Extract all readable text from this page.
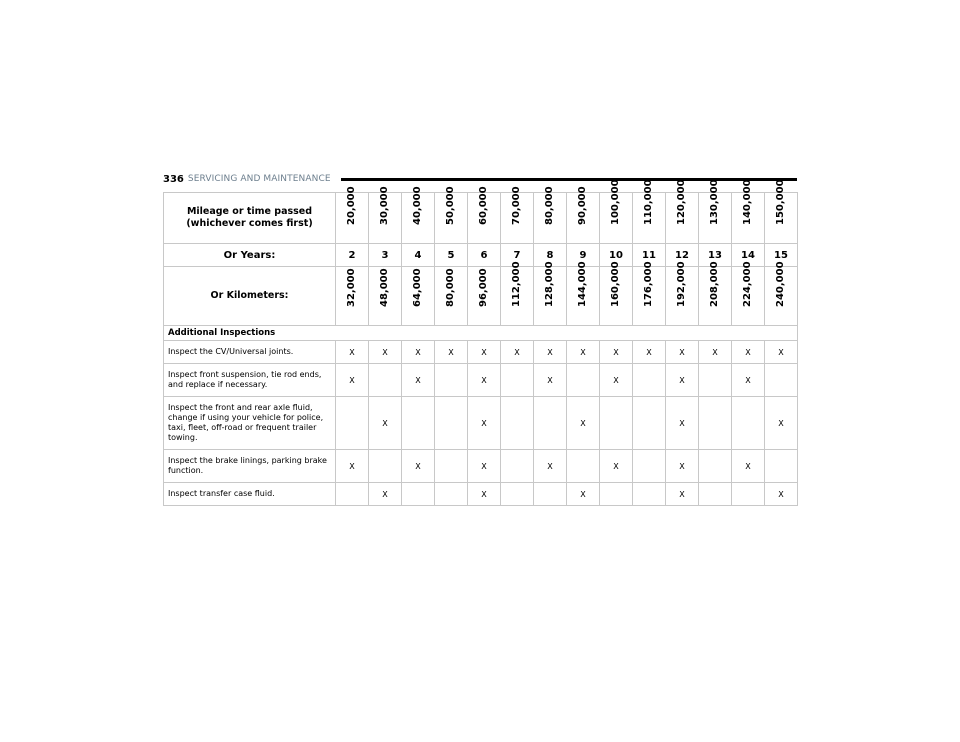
336 SERVICING AND MAINTENANCE
Mileage or time passed (whichever comes first)	20,000	30,000	40,000	50,000	60,000	70,000	80,000	90,000	100,000	110,000	120,000	130,000	140,000	150,000

Or Years:	2	3	4	5	6	7	8	9	10	11	12	13	14	15
Or Kilometers:	32,000	48,000	64,000	80,000	96,000	112,000	128,000	144,000	160,000	176,000	192,000	208,000	224,000	240,000

Additional Inspections														
Inspect the CV/Universal joints.	X	X	X	X	X	X	X	X	X	X	X	X	X	X
Inspect front suspension, tie rod ends, and replace if necessary.	X		X		X		X		X		X		X	
Inspect the front and rear axle fluid, change if using your vehicle for police, taxi, fleet, off-road or frequent trailer towing.		X			X			X			X			X
Inspect the brake linings, parking brake function.	X		X		X		X		X		X		X	
Inspect transfer case fluid.		X			X			X			X			X
